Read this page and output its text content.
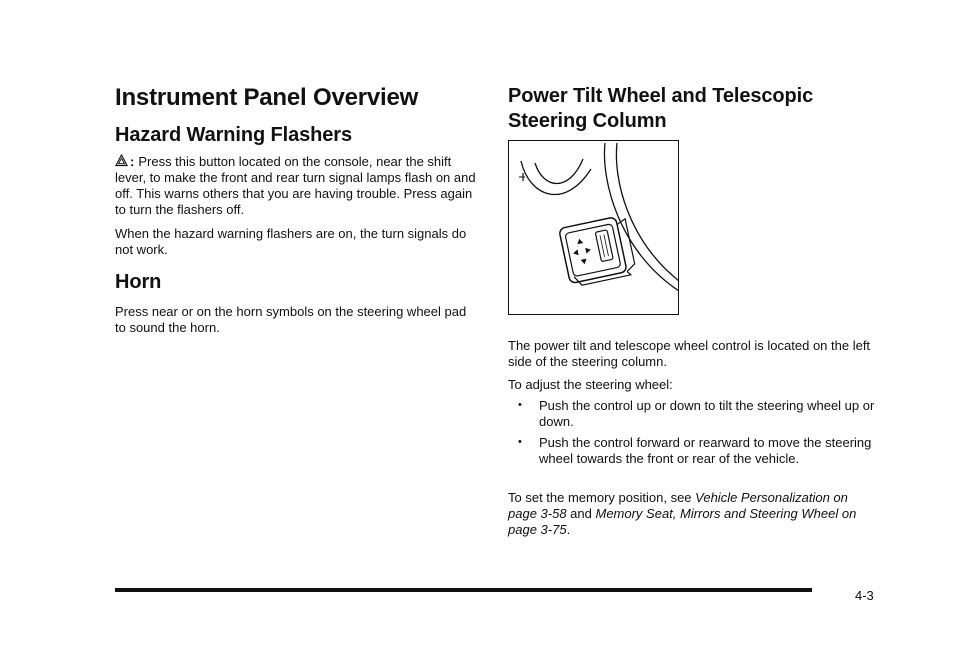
Instrument Panel Overview
Hazard Warning Flashers

: Press this button located on the console, near the shift lever, to make the front and rear turn signal lamps flash on and off. This warns others that you are having trouble. Press again to turn the flashers off.

When the hazard warning flashers are on, the turn signals do not work.

Horn

Press near or on the horn symbols on the steering wheel pad to sound the horn.

Power Tilt Wheel and Telescopic Steering Column

The power tilt and telescope wheel control is located on the left side of the steering column.

To adjust the steering wheel:

• Push the control up or down to tilt the steering wheel up or down.
• Push the control forward or rearward to move the steering wheel towards the front or rear of the vehicle.

To set the memory position, see Vehicle Personalization on page 3‑58 and Memory Seat, Mirrors and Steering Wheel on page 3‑75.

4-3
